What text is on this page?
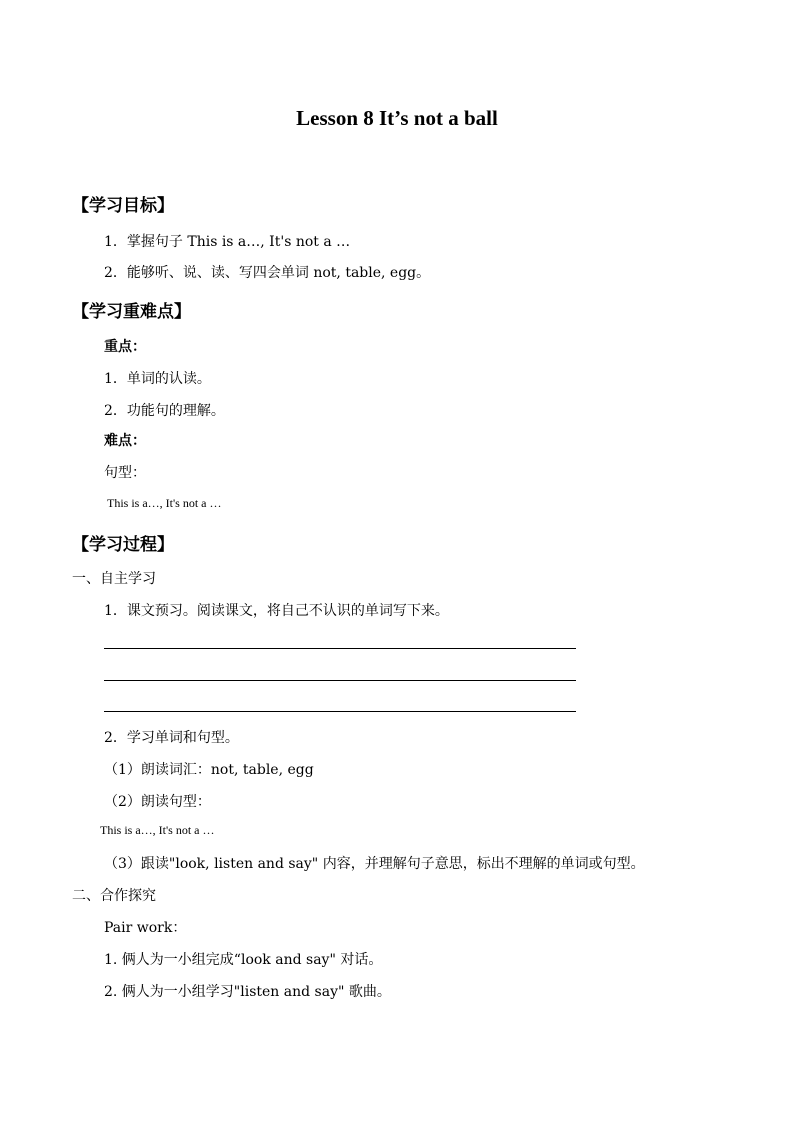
Lesson 8 It’s not a ball
【学习目标】
1．掌握句子 This is a…, It's not a …
2．能够听、说、读、写四会单词 not, table, egg。
【学习重难点】
重点：
1．单词的认读。
2．功能句的理解。
难点：
句型：
This is a…, It's not a …
【学习过程】
一、自主学习
1．课文预习。阅读课文，将自己不认识的单词写下来。
2．学习单词和句型。
（1）朗读词汇：not, table, egg
（2）朗读句型：
This is a…, It's not a …
（3）跟读"look, listen and say" 内容，并理解句子意思，标出不理解的单词或句型。
二、合作探究
Pair work：
1. 俩人为一小组完成“look and say" 对话。
2. 俩人为一小组学习"listen and say" 歌曲。
